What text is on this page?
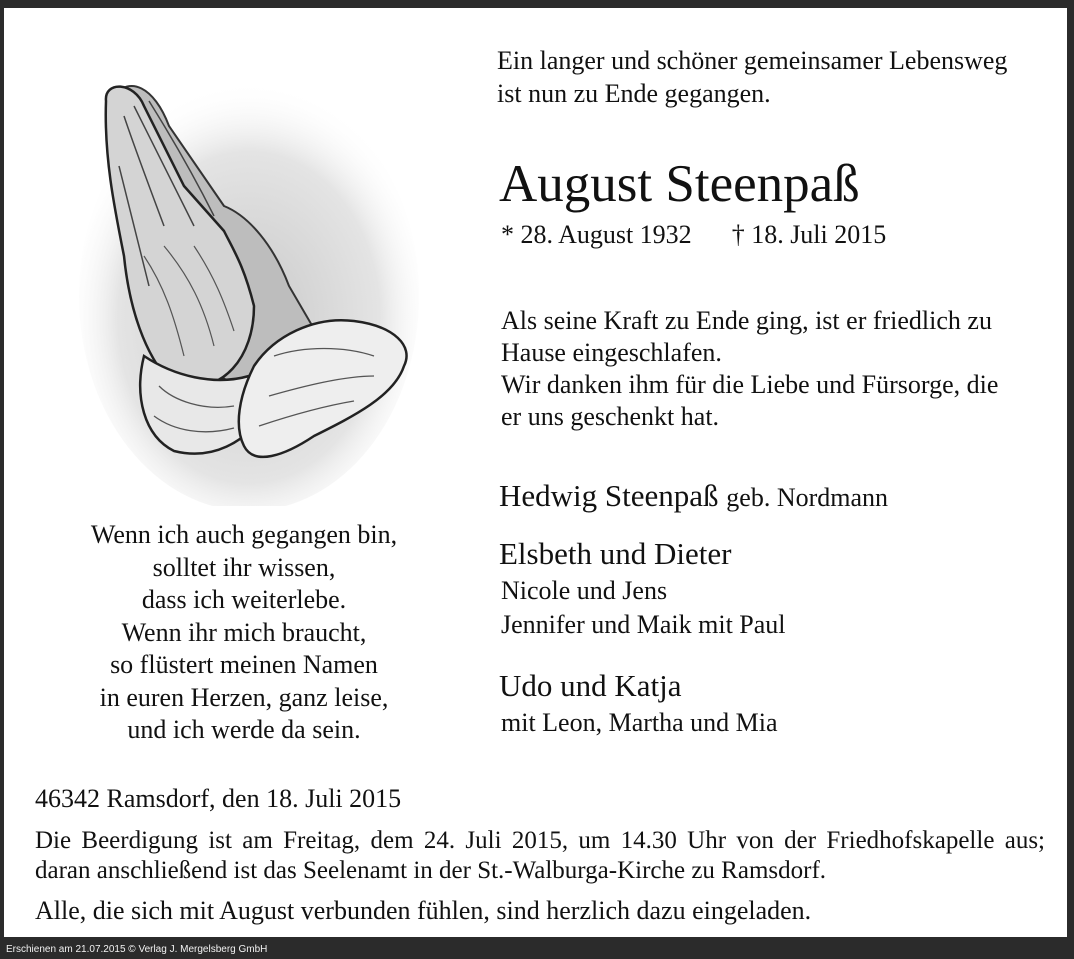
Ein langer und schöner gemeinsamer Lebensweg
ist nun zu Ende gegangen.
August Steenpaß
* 28. August 1932 † 18. Juli 2015
Als seine Kraft zu Ende ging, ist er friedlich zu
Hause eingeschlafen.
Wir danken ihm für die Liebe und Fürsorge, die
er uns geschenkt hat.
Hedwig Steenpaß geb. Nordmann
Elsbeth und Dieter
Nicole und Jens
Jennifer und Maik mit Paul
Udo und Katja
mit Leon, Martha und Mia
Wenn ich auch gegangen bin,
solltet ihr wissen,
dass ich weiterlebe.
Wenn ihr mich braucht,
so flüstert meinen Namen
in euren Herzen, ganz leise,
und ich werde da sein.
46342 Ramsdorf, den 18. Juli 2015
Die Beerdigung ist am Freitag, dem 24. Juli 2015, um 14.30 Uhr von der Friedhofskapelle aus;
daran anschließend ist das Seelenamt in der St.-Walburga-Kirche zu Ramsdorf.
Alle, die sich mit August verbunden fühlen, sind herzlich dazu eingeladen.
Erschienen am 21.07.2015 © Verlag J. Mergelsberg GmbH
